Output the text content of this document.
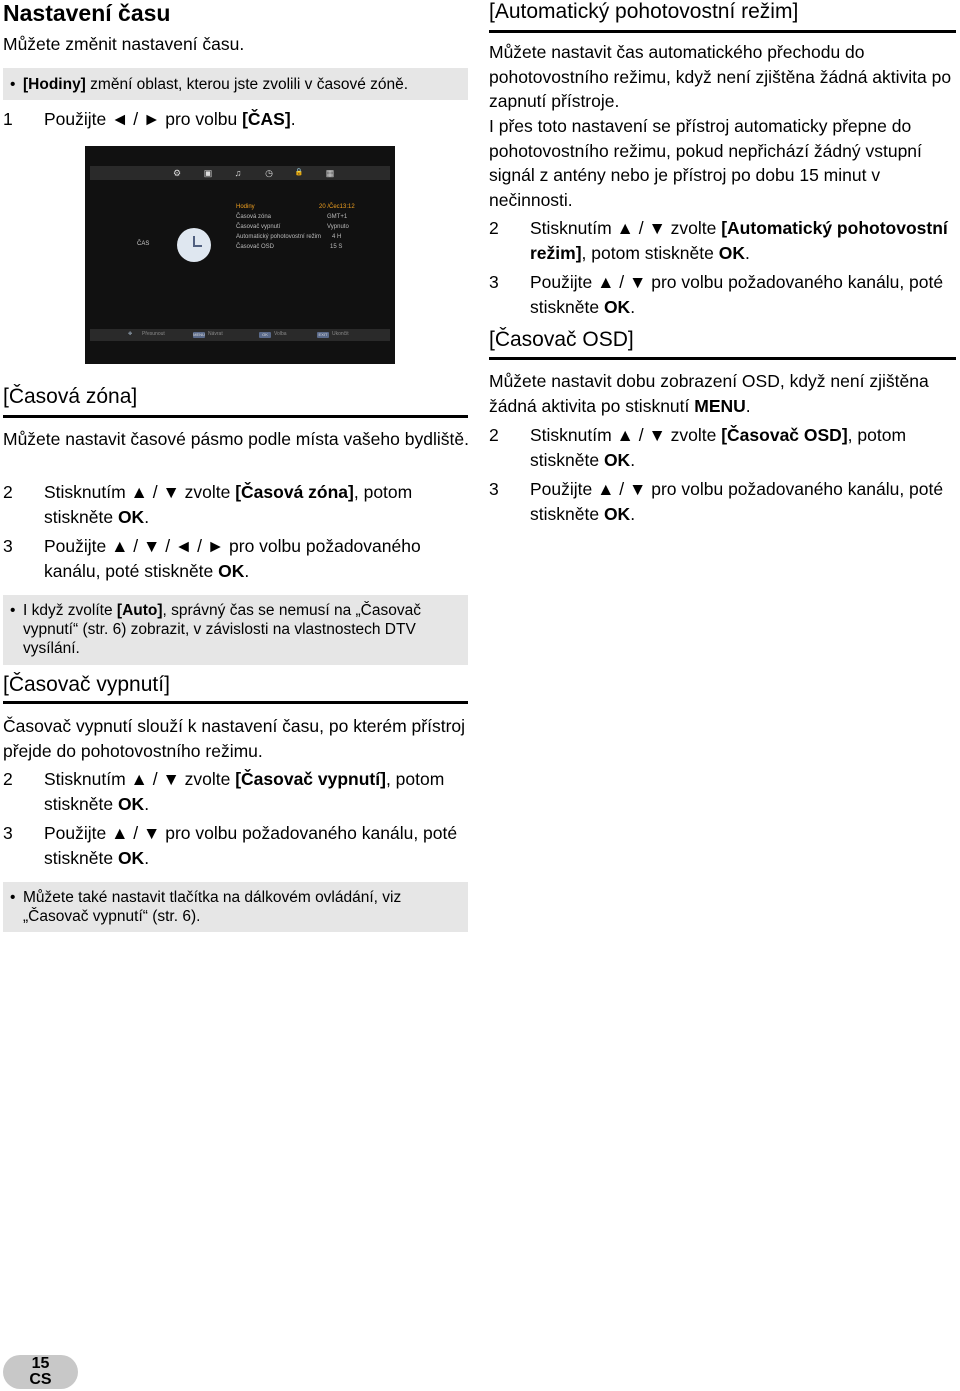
Nastavení času
Můžete změnit nastavení času.
• [Hodiny] změní oblast, kterou jste zvolili v časové zóně.
1 Použijte ◄ / ► pro volbu [ČAS].
⚙	▣	♫	◷	🔒	▦
ČAS
Hodiny	20 /Čec13:12
Časová zóna	GMT+1
Časovač vypnutí	Vypnuto
Automatický pohotovostní režim 4 H
Časovač OSD	15 S
✥ Přesunout	MENU Návrat	OK	Volba	EXIT Ukončit
[Časová zóna]
Můžete nastavit časové pásmo podle místa vašeho bydliště.
2 Stisknutím ▲ / ▼ zvolte [Časová zóna], potom stiskněte OK.
3 Použijte ▲ / ▼ / ◄ / ► pro volbu požadovaného kanálu, poté stiskněte OK.
• I když zvolíte [Auto], správný čas se nemusí na „Časovač vypnutí“ (str. 6) zobrazit, v závislosti na vlastnostech DTV vysílání.
[Časovač vypnutí]
Časovač vypnutí slouží k nastavení času, po kterém přístroj přejde do pohotovostního režimu.
2 Stisknutím ▲ / ▼ zvolte [Časovač vypnutí], potom stiskněte OK.
3 Použijte ▲ / ▼ pro volbu požadovaného kanálu, poté stiskněte OK.
• Můžete také nastavit tlačítka na dálkovém ovládání, viz „Časovač vypnutí“ (str. 6).
[Automatický pohotovostní režim]
Můžete nastavit čas automatického přechodu do pohotovostního režimu, když není zjištěna žádná aktivita po zapnutí přístroje.
I přes toto nastavení se přístroj automaticky přepne do pohotovostního režimu, pokud nepřichází žádný vstupní signál z antény nebo je přístroj po dobu 15 minut v nečinnosti.
2 Stisknutím ▲ / ▼ zvolte [Automatický pohotovostní režim], potom stiskněte OK.
3 Použijte ▲ / ▼ pro volbu požadovaného kanálu, poté stiskněte OK.
[Časovač OSD]
Můžete nastavit dobu zobrazení OSD, když není zjištěna žádná aktivita po stisknutí MENU.
2 Stisknutím ▲ / ▼ zvolte [Časovač OSD], potom stiskněte OK.
3 Použijte ▲ / ▼ pro volbu požadovaného kanálu, poté stiskněte OK.
15
CS
